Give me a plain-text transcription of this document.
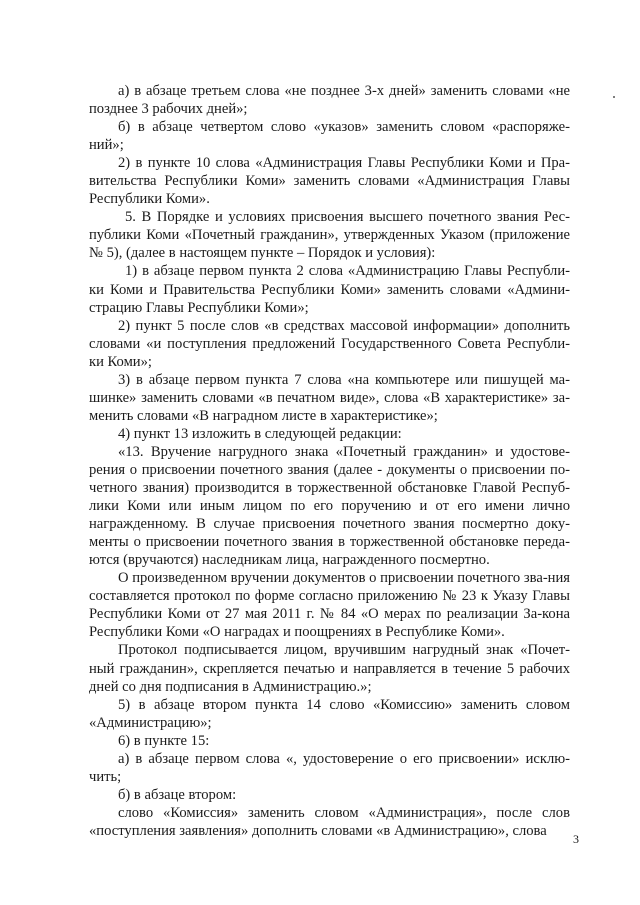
а) в абзаце третьем слова «не позднее 3-х дней» заменить словами «не позднее 3 рабочих дней»;

б) в абзаце четвертом слово «указов» заменить словом «распоряже-ний»;

2) в пункте 10 слова «Администрация Главы Республики Коми и Пра-вительства Республики Коми» заменить словами «Администрация Главы Республики Коми».

5. В Порядке и условиях присвоения высшего почетного звания Рес-публики Коми «Почетный гражданин», утвержденных Указом (приложение № 5), (далее в настоящем пункте – Порядок и условия):

1) в абзаце первом пункта 2 слова «Администрацию Главы Республи-ки Коми и Правительства Республики Коми» заменить словами «Админи-страцию Главы Республики Коми»;

2) пункт 5 после слов «в средствах массовой информации» дополнить словами «и поступления предложений Государственного Совета Республи-ки Коми»;

3) в абзаце первом пункта 7 слова «на компьютере или пишущей ма-шинке» заменить словами «в печатном виде», слова «В характеристике» за-менить словами «В наградном листе в характеристике»;

4) пункт 13 изложить в следующей редакции:

«13. Вручение нагрудного знака «Почетный гражданин» и удостове-рения о присвоении почетного звания (далее - документы о присвоении по-четного звания) производится в торжественной обстановке Главой Респуб-лики Коми или иным лицом по его поручению и от его имени лично награжденному. В случае присвоения почетного звания посмертно доку-менты о присвоении почетного звания в торжественной обстановке переда-ются (вручаются) наследникам лица, награжденного посмертно.

О произведенном вручении документов о присвоении почетного зва-ния составляется протокол по форме согласно приложению № 23 к Указу Главы Республики Коми от 27 мая 2011 г. № 84 «О мерах по реализации За-кона Республики Коми «О наградах и поощрениях в Республике Коми».

Протокол подписывается лицом, вручившим нагрудный знак «Почет-ный гражданин», скрепляется печатью и направляется в течение 5 рабочих дней со дня подписания в Администрацию.»;

5) в абзаце втором пункта 14 слово «Комиссию» заменить словом «Администрацию»;

6) в пункте 15:

а) в абзаце первом слова «, удостоверение о его присвоении» исклю-чить;

б) в абзаце втором:

слово «Комиссия» заменить словом «Администрация», после слов «поступления заявления» дополнить словами «в Администрацию», слова

3
